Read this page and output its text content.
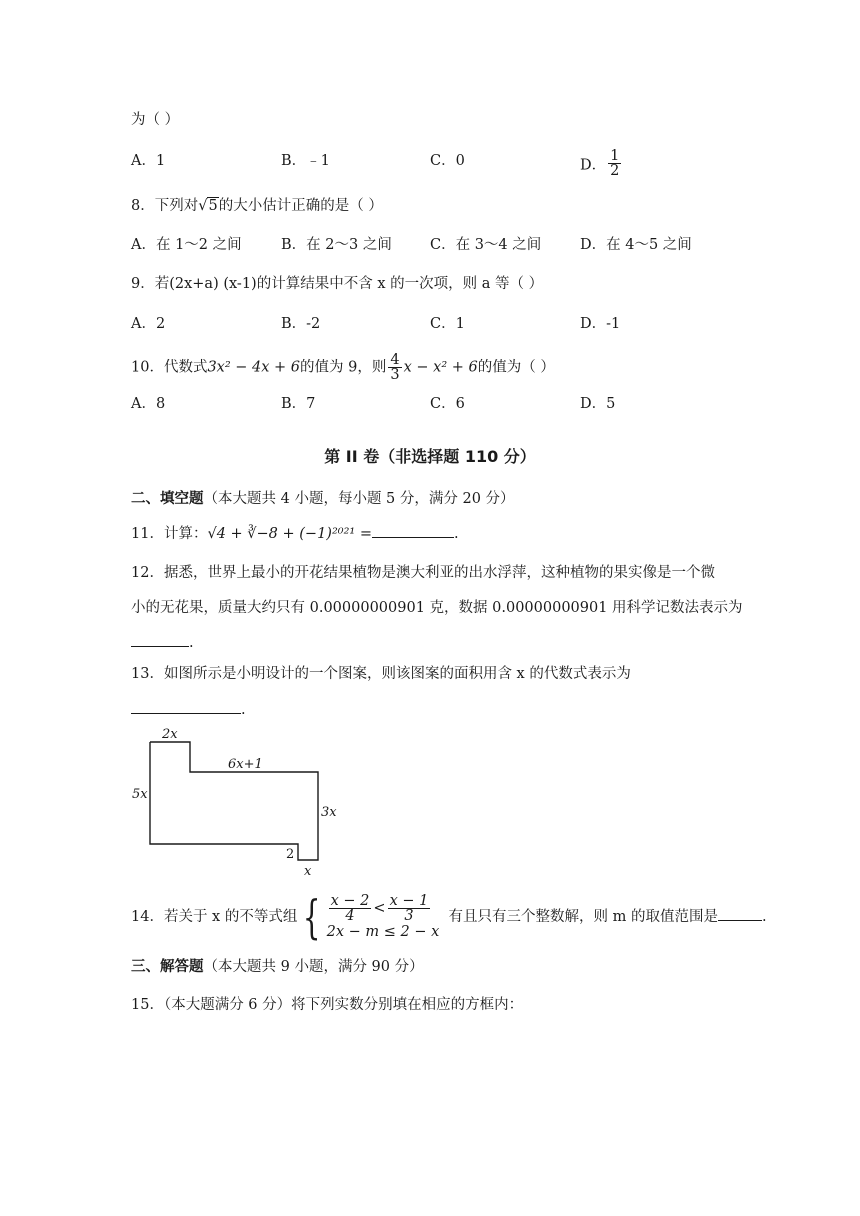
为（ ）
A．1	B．﹣1	C．0	D． $\frac{1}{2}$
8．下列对√5的大小估计正确的是（ ）
A．在 1～2 之间	B．在 2～3 之间	C．在 3～4 之间	D．在 4～5 之间
9．若(2x+a) (x-1)的计算结果中不含 x 的一次项，则 a 等（ ）
A．2	B．-2	C．1	D．-1
10．代数式3x² − 4x + 6的值为 9，则 $\frac{4}{3}$ x − x² + 6的值为（ ）
A．8	B．7	C．6	D．5
第 II 卷（非选择题 110 分）
二、填空题（本大题共 4 小题，每小题 5 分，满分 20 分）
11．计算：√4 + ∛−8 + (−1)²⁰²¹ =	.
12．据悉，世界上最小的开花结果植物是澳大利亚的出水浮萍，这种植物的果实像是一个微
小的无花果，质量大约只有 0.00000000901 克，数据 0.00000000901 用科学记数法表示为
.
13．如图所示是小明设计的一个图案，则该图案的面积用含 x 的代数式表示为
.
2x
6x+1
5x
3x
2
x
14．若关于 x 的不等式组 { $\frac{x - 2}{4} < \frac{x - 1}{3}$
2x − m ≤ 2 − x
有且只有三个整数解，则 m 的取值范围是	.
三、解答题（本大题共 9 小题，满分 90 分）
15．（本大题满分 6 分）将下列实数分别填在相应的方框内：
